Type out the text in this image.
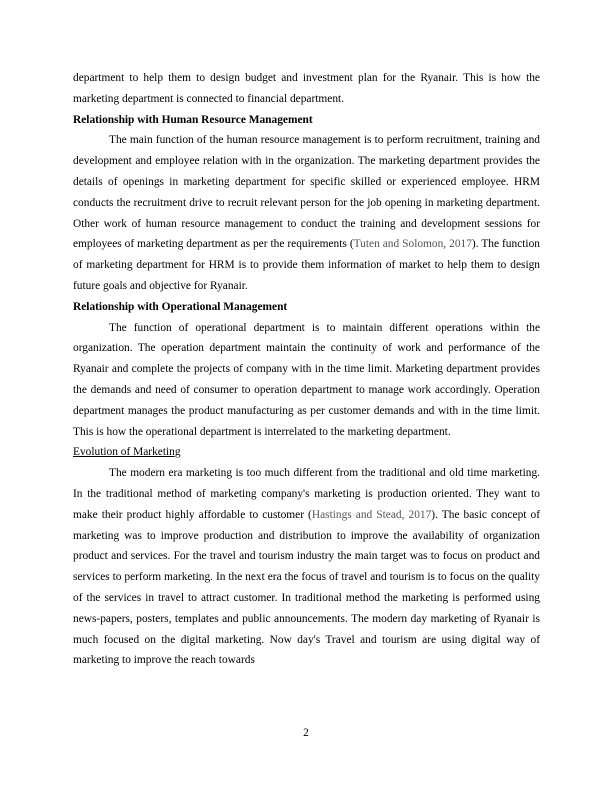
department to help them to design budget and investment plan for the Ryanair. This is how the marketing department is connected to financial department.

Relationship with Human Resource Management

The main function of the human resource management is to perform recruitment, training and development and employee relation with in the organization. The marketing department provides the details of openings in marketing department for specific skilled or experienced employee. HRM conducts the recruitment drive to recruit relevant person for the job opening in marketing department. Other work of human resource management to conduct the training and development sessions for employees of marketing department as per the requirements (Tuten and Solomon, 2017). The function of marketing department for HRM is to provide them information of market to help them to design future goals and objective for Ryanair.

Relationship with Operational Management

The function of operational department is to maintain different operations within the organization. The operation department maintain the continuity of work and performance of the Ryanair and complete the projects of company with in the time limit. Marketing department provides the demands and need of consumer to operation department to manage work accordingly. Operation department manages the product manufacturing as per customer demands and with in the time limit. This is how the operational department is interrelated to the marketing department.

Evolution of Marketing

The modern era marketing is too much different from the traditional and old time marketing. In the traditional method of marketing company's marketing is production oriented. They want to make their product highly affordable to customer (Hastings and Stead, 2017). The basic concept of marketing was to improve production and distribution to improve the availability of organization product and services. For the travel and tourism industry the main target was to focus on product and services to perform marketing. In the next era the focus of travel and tourism is to focus on the quality of the services in travel to attract customer. In traditional method the marketing is performed using news-papers, posters, templates and public announcements. The modern day marketing of Ryanair is much focused on the digital marketing. Now day's Travel and tourism are using digital way of marketing to improve the reach towards

2
